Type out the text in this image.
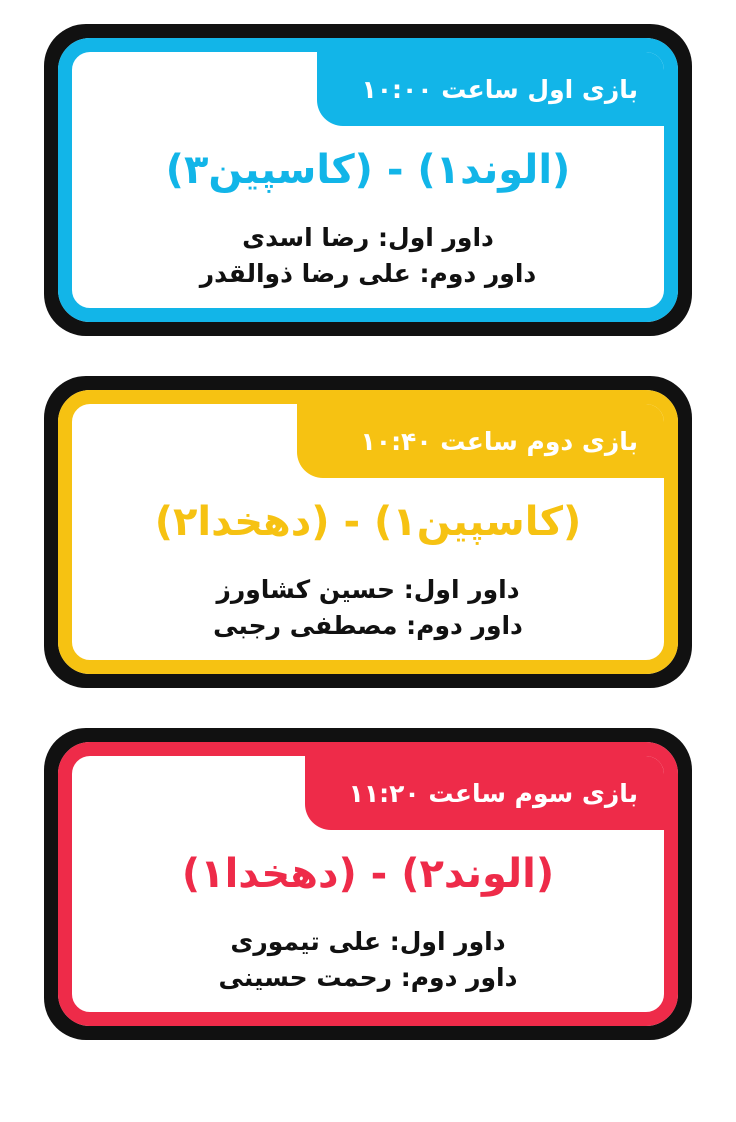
بازی اول ساعت ۱۰:۰۰
(الوند۱) - (کاسپین۳)
داور اول: رضا اسدی
داور دوم: علی رضا ذوالقدر
بازی دوم ساعت ۱۰:۴۰
(کاسپین۱) - (دهخدا۲)
داور اول: حسین کشاورز
داور دوم: مصطفی رجبی
بازی سوم ساعت ۱۱:۲۰
(الوند۲) - (دهخدا۱)
داور اول: علی تیموری
داور دوم: رحمت حسینی
